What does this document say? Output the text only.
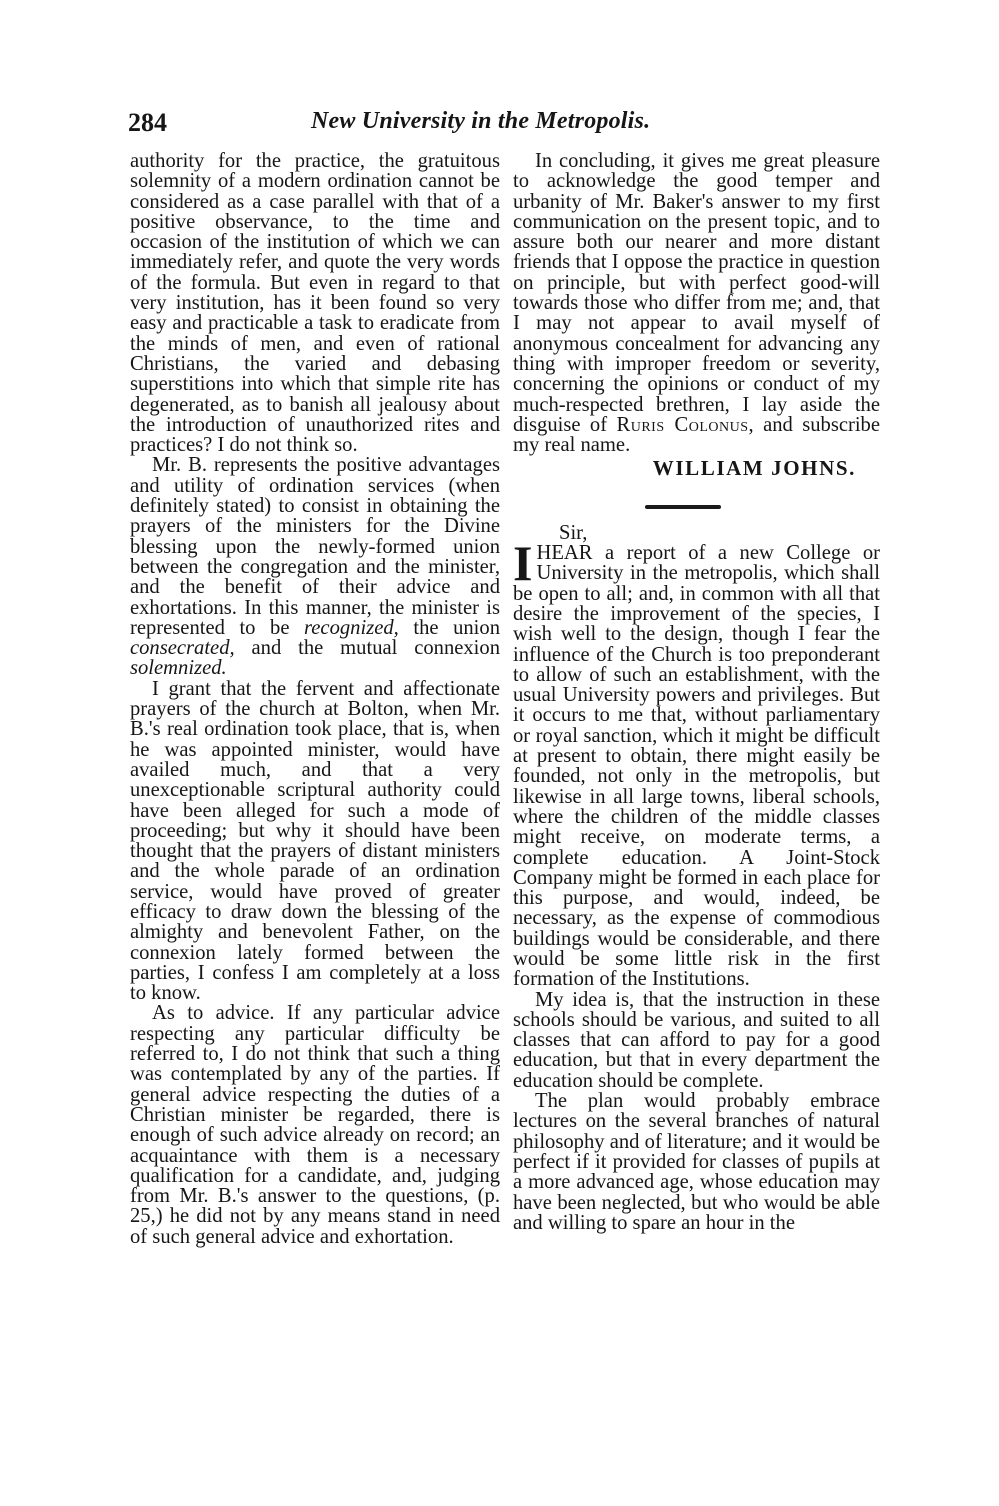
284	New University in the Metropolis.

authority for the practice, the gratuitous solemnity of a modern ordination cannot be considered as a case parallel with that of a positive observance, to the time and occasion of the institution of which we can immediately refer, and quote the very words of the formula. But even in regard to that very institution, has it been found so very easy and practicable a task to eradicate from the minds of men, and even of rational Christians, the varied and debasing superstitions into which that simple rite has degenerated, as to banish all jealousy about the introduction of unauthorized rites and practices? I do not think so.

Mr. B. represents the positive advantages and utility of ordination services (when definitely stated) to consist in obtaining the prayers of the ministers for the Divine blessing upon the newly-formed union between the congregation and the minister, and the benefit of their advice and exhortations. In this manner, the minister is represented to be recognized, the union consecrated, and the mutual connexion solemnized.

I grant that the fervent and affectionate prayers of the church at Bolton, when Mr. B.'s real ordination took place, that is, when he was appointed minister, would have availed much, and that a very unexceptionable scriptural authority could have been alleged for such a mode of proceeding; but why it should have been thought that the prayers of distant ministers and the whole parade of an ordination service, would have proved of greater efficacy to draw down the blessing of the almighty and benevolent Father, on the connexion lately formed between the parties, I confess I am completely at a loss to know.

As to advice. If any particular advice respecting any particular difficulty be referred to, I do not think that such a thing was contemplated by any of the parties. If general advice respecting the duties of a Christian minister be regarded, there is enough of such advice already on record; an acquaintance with them is a necessary qualification for a candidate, and, judging from Mr. B.'s answer to the questions, (p. 25,) he did not by any means stand in need of such general advice and exhortation.

In concluding, it gives me great pleasure to acknowledge the good temper and urbanity of Mr. Baker's answer to my first communication on the present topic, and to assure both our nearer and more distant friends that I oppose the practice in question on principle, but with perfect good-will towards those who differ from me; and, that I may not appear to avail myself of anonymous concealment for advancing any thing with improper freedom or severity, concerning the opinions or conduct of my much-respected brethren, I lay aside the disguise of Ruris Colonus, and subscribe my real name.

WILLIAM JOHNS.

Sir,

IHEAR a report of a new College or University in the metropolis, which shall be open to all; and, in common with all that desire the improvement of the species, I wish well to the design, though I fear the influence of the Church is too preponderant to allow of such an establishment, with the usual University powers and privileges. But it occurs to me that, without parliamentary or royal sanction, which it might be difficult at present to obtain, there might easily be founded, not only in the metropolis, but likewise in all large towns, liberal schools, where the children of the middle classes might receive, on moderate terms, a complete education. A Joint-Stock Company might be formed in each place for this purpose, and would, indeed, be necessary, as the expense of commodious buildings would be considerable, and there would be some little risk in the first formation of the Institutions.

My idea is, that the instruction in these schools should be various, and suited to all classes that can afford to pay for a good education, but that in every department the education should be complete.

The plan would probably embrace lectures on the several branches of natural philosophy and of literature; and it would be perfect if it provided for classes of pupils at a more advanced age, whose education may have been neglected, but who would be able and willing to spare an hour in the
